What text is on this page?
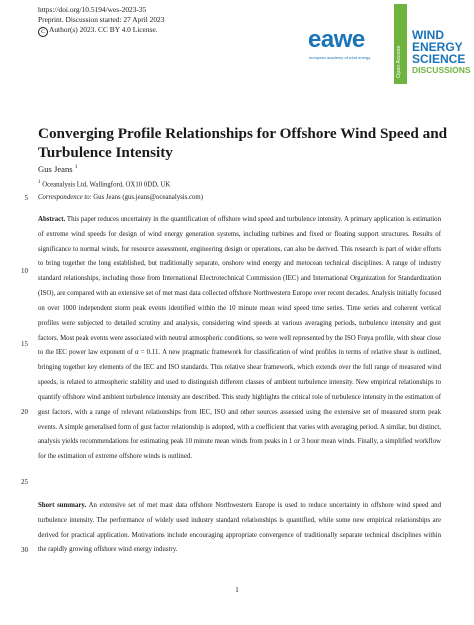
https://doi.org/10.5194/wes-2023-35
Preprint. Discussion started: 27 April 2023
C Author(s) 2023. CC BY 4.0 License.	eawe
european academy of wind energy	Open Access
WIND
ENERGY
SCIENCE
DISCUSSIONS
Converging Profile Relationships for Offshore Wind Speed and Turbulence Intensity
Gus Jeans $^1$
$^1$ Oceanalysis Ltd, Wallingford, OX10 0DD, UK
Correspondence to: Gus Jeans (gus.jeans@oceanalysis.com)
5
10
15
20
25
30

Abstract. This paper reduces uncertainty in the quantification of offshore wind speed and turbulence intensity. A primary application is estimation of extreme wind speeds for design of wind energy generation systems, including turbines and fixed or floating support structures. Results of significance to normal winds, for resource assessment, engineering design or operations, can also be derived. This research is part of wider efforts to bring together the long established, but traditionally separate, onshore wind energy and metocean technical disciplines. A range of industry standard relationships, including those from International Electrotechnical Commission (IEC) and International Organization for Standardization (ISO), are compared with an extensive set of met mast data collected offshore Northwestern Europe over recent decades. Analysis initially focused on over 1000 independent storm peak events identified within the 10 minute mean wind speed time series. Time series and coherent vertical profiles were subjected to detailed scrutiny and analysis, considering wind speeds at various averaging periods, turbulence intensity and gust factors. Most peak events were associated with neutral atmospheric conditions, so were well represented by the ISO Frøya profile, with shear close to the IEC power law exponent of α = 0.11. A new pragmatic framework for classification of wind profiles in terms of relative shear is outlined, bringing together key elements of the IEC and ISO standards. This relative shear framework, which extends over the full range of measured wind speeds, is related to atmospheric stability and used to distinguish different classes of ambient turbulence intensity. New empirical relationships to quantify offshore wind ambient turbulence intensity are described. This study highlights the critical role of turbulence intensity in the estimation of gust factors, with a range of relevant relationships from IEC, ISO and other sources assessed using the extensive set of measured storm peak events. A simple generalised form of gust factor relationship is adopted, with a coefficient that varies with averaging period. A similar, but distinct, analysis yields recommendations for estimating peak 10 minute mean winds from peaks in 1 or 3 hour mean winds. Finally, a simplified workflow for the estimation of extreme offshore winds is outlined.

Short summary. An extensive set of met mast data offshore Northwestern Europe is used to reduce uncertainty in offshore wind speed and turbulence intensity. The performance of widely used industry standard relationships is quantified, while some new empirical relationships are derived for practical application. Motivations include encouraging appropriate convergence of traditionally separate technical disciplines within the rapidly growing offshore wind energy industry.

1
